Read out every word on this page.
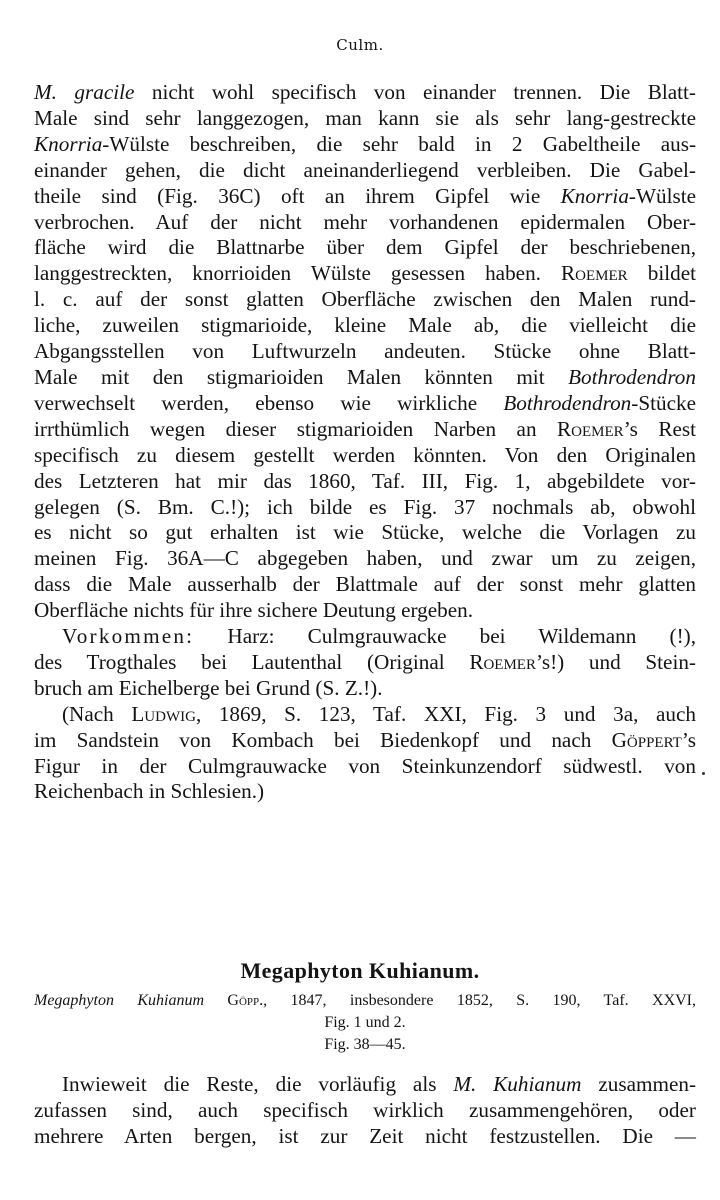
Culm.

M. gracile nicht wohl specifisch von einander trennen. Die Blatt-
Male sind sehr langgezogen, man kann sie als sehr lang-gestreckte
Knorria-Wülste beschreiben, die sehr bald in 2 Gabeltheile aus-
einander gehen, die dicht aneinanderliegend verbleiben. Die Gabel-
theile sind (Fig. 36C) oft an ihrem Gipfel wie Knorria-Wülste
verbrochen. Auf der nicht mehr vorhandenen epidermalen Ober-
fläche wird die Blattnarbe über dem Gipfel der beschriebenen,
langgestreckten, knorrioiden Wülste gesessen haben. Roemer bildet
l. c. auf der sonst glatten Oberfläche zwischen den Malen rund-
liche, zuweilen stigmarioide, kleine Male ab, die vielleicht die
Abgangsstellen von Luftwurzeln andeuten. Stücke ohne Blatt-
Male mit den stigmarioiden Malen könnten mit Bothrodendron
verwechselt werden, ebenso wie wirkliche Bothrodendron-Stücke
irrthümlich wegen dieser stigmarioiden Narben an Roemer’s Rest
specifisch zu diesem gestellt werden könnten. Von den Originalen
des Letzteren hat mir das 1860, Taf. III, Fig. 1, abgebildete vor-
gelegen (S. Bm. C.!); ich bilde es Fig. 37 nochmals ab, obwohl
es nicht so gut erhalten ist wie Stücke, welche die Vorlagen zu
meinen Fig. 36A—C abgegeben haben, und zwar um zu zeigen,
dass die Male ausserhalb der Blattmale auf der sonst mehr glatten
Oberfläche nichts für ihre sichere Deutung ergeben.

Vorkommen: Harz: Culmgrauwacke bei Wildemann (!),
des Trogthales bei Lautenthal (Original Roemer’s!) und Stein-
bruch am Eichelberge bei Grund (S. Z.!).

(Nach Ludwig, 1869, S. 123, Taf. XXI, Fig. 3 und 3a, auch
im Sandstein von Kombach bei Biedenkopf und nach Göppert’s
Figur in der Culmgrauwacke von Steinkunzendorf südwestl. von
Reichenbach in Schlesien.)

Megaphyton Kuhianum.
Megaphyton Kuhianum Göpp., 1847, insbesondere 1852, S. 190, Taf. XXVI,
Fig. 1 und 2.
Fig. 38—45.
Inwieweit die Reste, die vorläufig als M. Kuhianum zusammen-
zufassen sind, auch specifisch wirklich zusammengehören, oder
mehrere Arten bergen, ist zur Zeit nicht festzustellen. Die —
